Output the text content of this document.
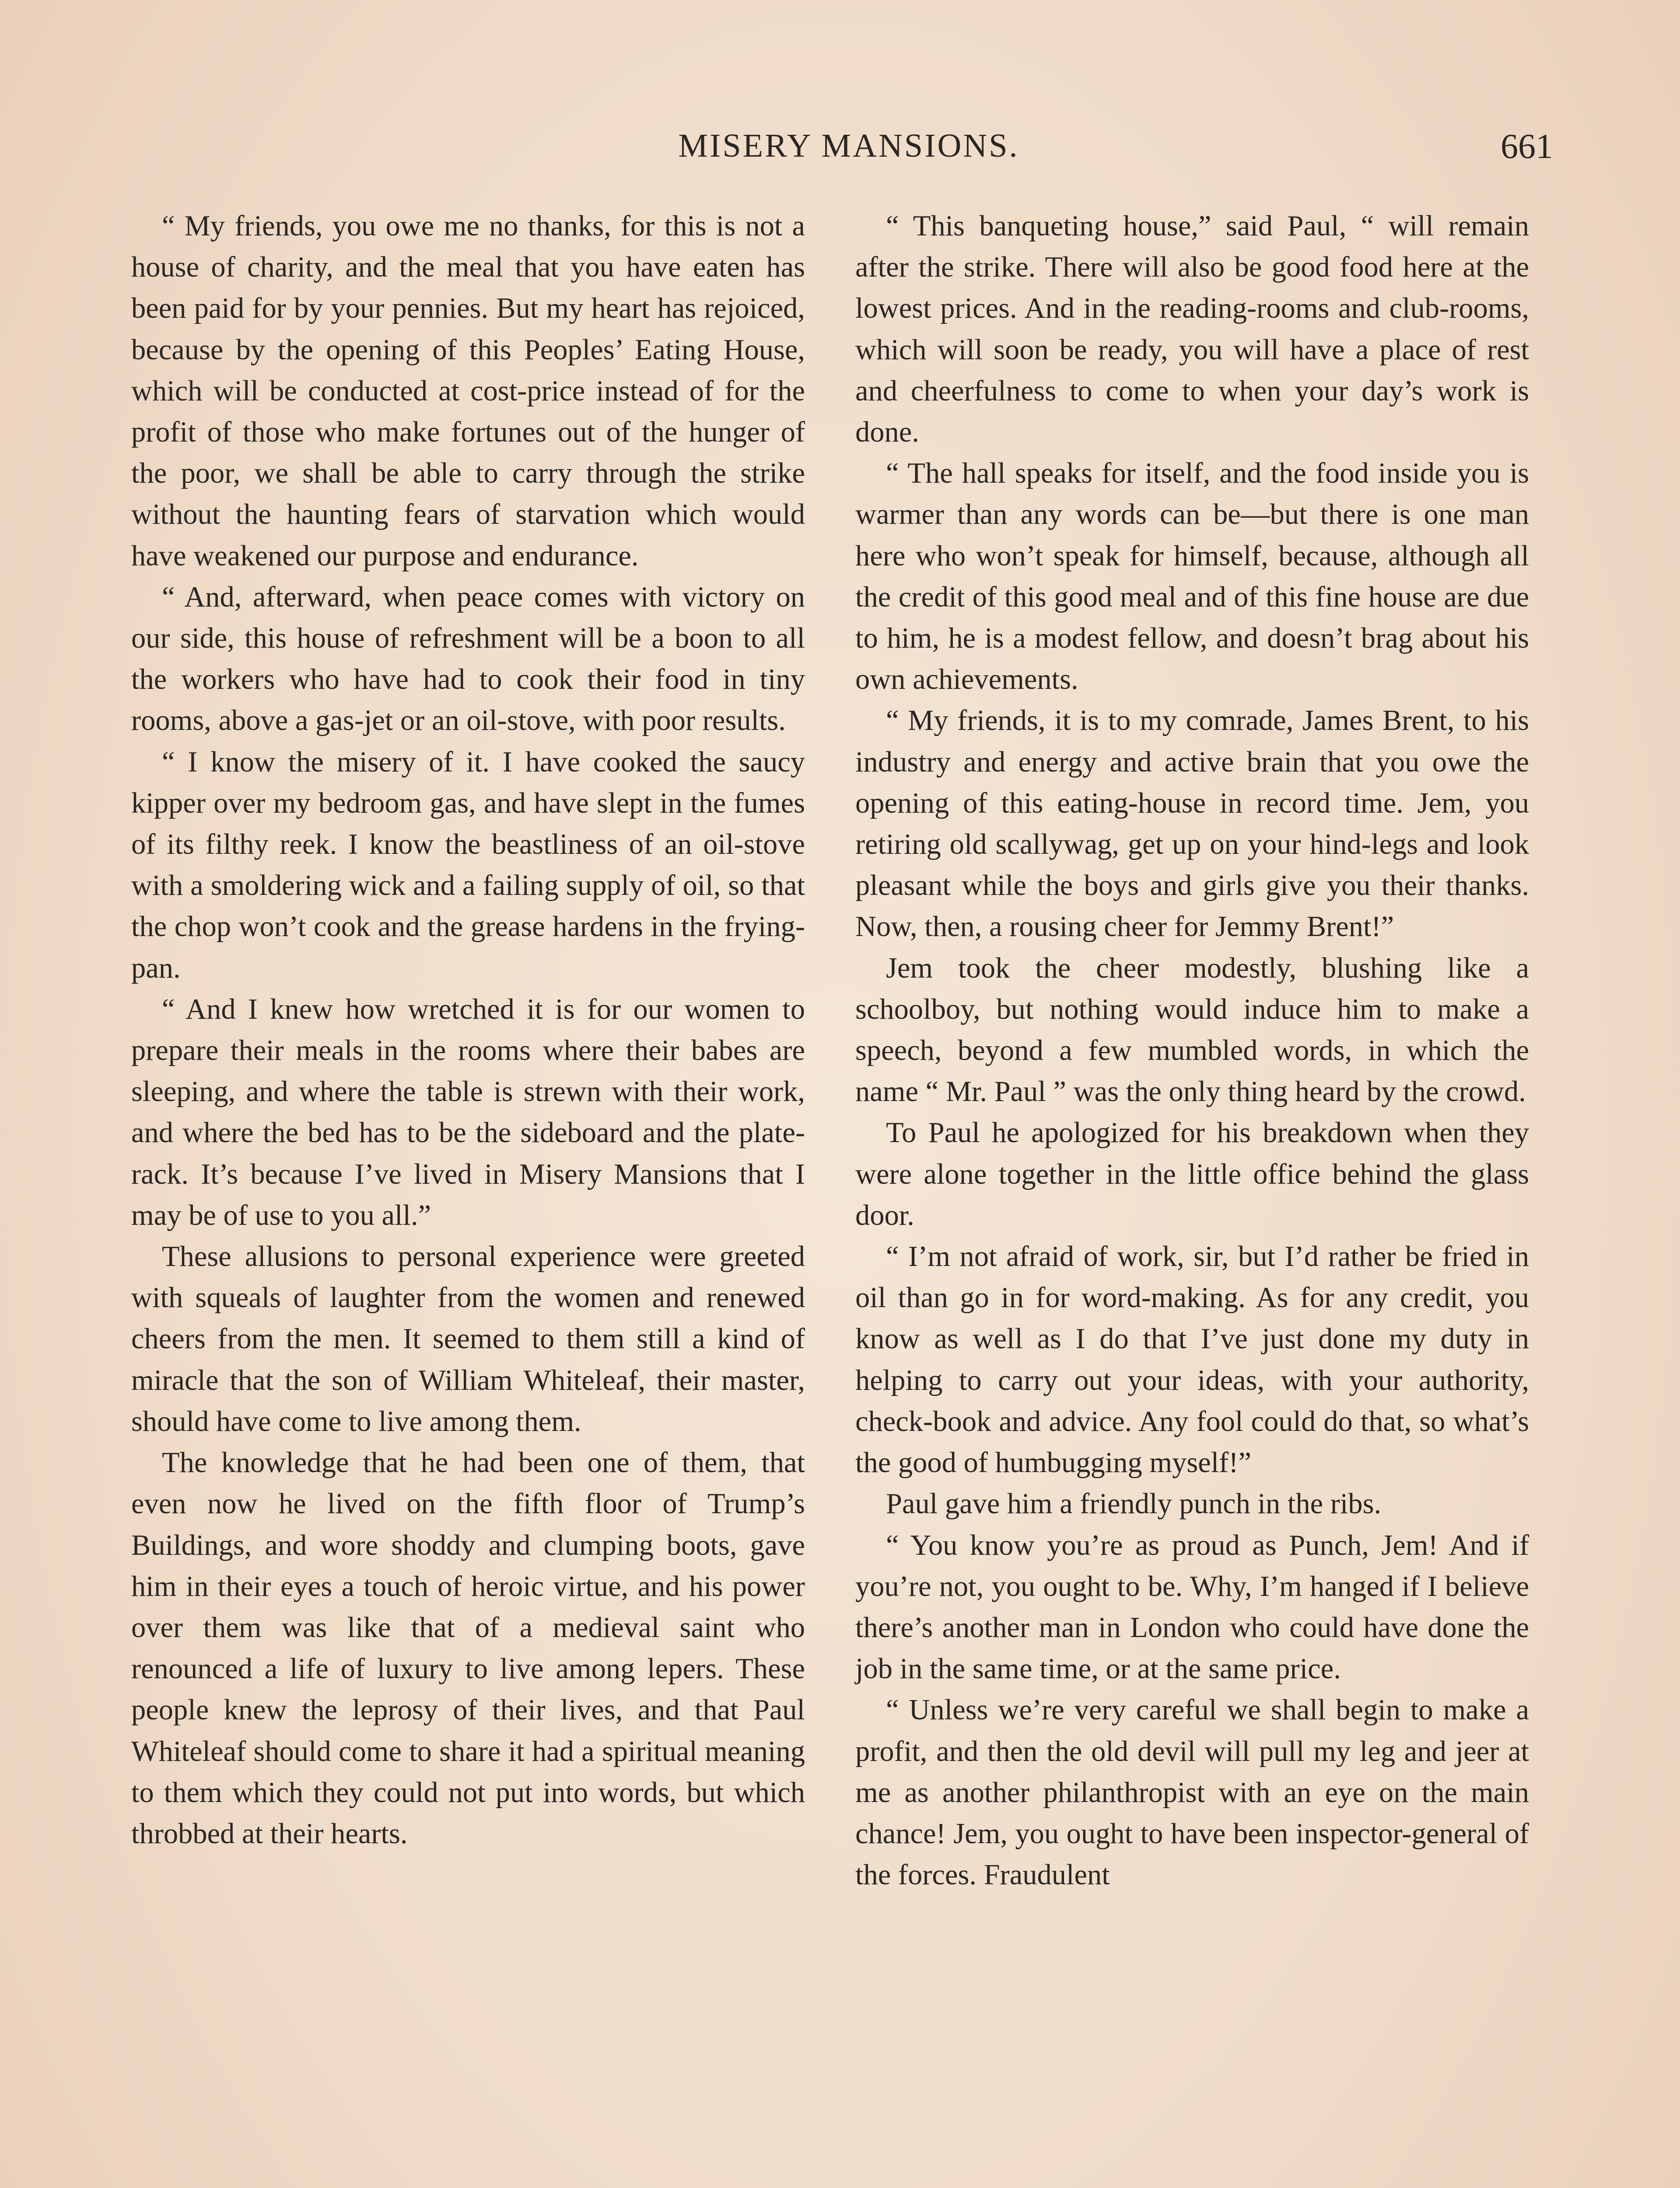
MISERY MANSIONS.	661

“ My friends, you owe me no thanks, for this is not a house of charity, and the meal that you have eaten has been paid for by your pennies. But my heart has rejoiced, because by the opening of this Peoples’ Eating House, which will be conducted at cost-price instead of for the profit of those who make fortunes out of the hunger of the poor, we shall be able to carry through the strike without the haunting fears of starvation which would have weakened our purpose and endurance.

“ And, afterward, when peace comes with victory on our side, this house of refreshment will be a boon to all the workers who have had to cook their food in tiny rooms, above a gas-jet or an oil-stove, with poor results.

“ I know the misery of it. I have cooked the saucy kipper over my bedroom gas, and have slept in the fumes of its filthy reek. I know the beastliness of an oil-stove with a smoldering wick and a failing supply of oil, so that the chop won’t cook and the grease hardens in the frying-pan.

“ And I knew how wretched it is for our women to prepare their meals in the rooms where their babes are sleeping, and where the table is strewn with their work, and where the bed has to be the sideboard and the plate-rack. It’s because I’ve lived in Misery Mansions that I may be of use to you all.”

These allusions to personal experience were greeted with squeals of laughter from the women and renewed cheers from the men. It seemed to them still a kind of miracle that the son of William Whiteleaf, their master, should have come to live among them.

The knowledge that he had been one of them, that even now he lived on the fifth floor of Trump’s Buildings, and wore shoddy and clumping boots, gave him in their eyes a touch of heroic virtue, and his power over them was like that of a medieval saint who renounced a life of luxury to live among lepers. These people knew the leprosy of their lives, and that Paul Whiteleaf should come to share it had a spiritual meaning to them which they could not put into words, but which throbbed at their hearts.

“ This banqueting house,” said Paul, “ will remain after the strike. There will also be good food here at the lowest prices. And in the reading-rooms and club-rooms, which will soon be ready, you will have a place of rest and cheerfulness to come to when your day’s work is done.

“ The hall speaks for itself, and the food inside you is warmer than any words can be—but there is one man here who won’t speak for himself, because, although all the credit of this good meal and of this fine house are due to him, he is a modest fellow, and doesn’t brag about his own achievements.

“ My friends, it is to my comrade, James Brent, to his industry and energy and active brain that you owe the opening of this eating-house in record time. Jem, you retiring old scallywag, get up on your hind-legs and look pleasant while the boys and girls give you their thanks. Now, then, a rousing cheer for Jemmy Brent!”

Jem took the cheer modestly, blushing like a schoolboy, but nothing would induce him to make a speech, beyond a few mumbled words, in which the name “ Mr. Paul ” was the only thing heard by the crowd.

To Paul he apologized for his breakdown when they were alone together in the little office behind the glass door.

“ I’m not afraid of work, sir, but I’d rather be fried in oil than go in for word-making. As for any credit, you know as well as I do that I’ve just done my duty in helping to carry out your ideas, with your authority, check-book and advice. Any fool could do that, so what’s the good of humbugging myself!”

Paul gave him a friendly punch in the ribs.

“ You know you’re as proud as Punch, Jem! And if you’re not, you ought to be. Why, I’m hanged if I believe there’s another man in London who could have done the job in the same time, or at the same price.

“ Unless we’re very careful we shall begin to make a profit, and then the old devil will pull my leg and jeer at me as another philanthropist with an eye on the main chance! Jem, you ought to have been inspector-general of the forces. Fraudulent
